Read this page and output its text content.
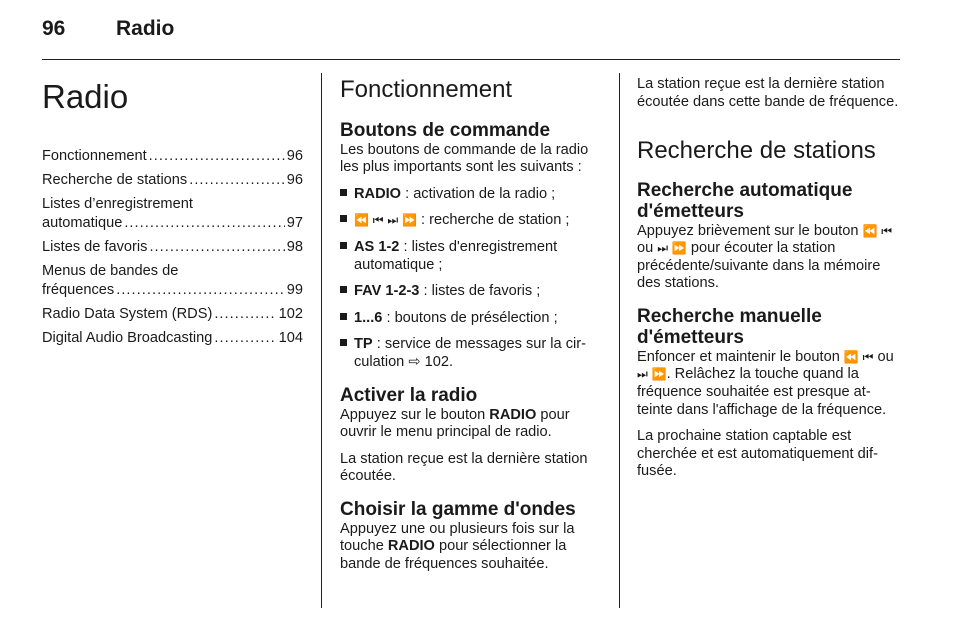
96 Radio
Radio
Fonctionnement . . .	96
Recherche de stations . . .	96
Listes d’enregistrement
automatique . . .	97
Listes de favoris . . .	98
Menus de bandes de
fréquences . . .	99
Radio Data System (RDS) . . .	102
Digital Audio Broadcasting . . .	104
Fonctionnement
Boutons de commande

Les boutons de commande de la radio les plus importants sont les suivants :

RADIO : activation de la radio ;
⏪ ⏮ ⏭ ⏩ : recherche de station ;
AS 1-2 : listes d'enregistrement automatique ;
FAV 1-2-3 : listes de favoris ;
1...6 : boutons de présélection ;
TP : service de messages sur la circulation ⇨ 102.
Activer la radio

Appuyez sur le bouton RADIO pour ouvrir le menu principal de radio.

La station reçue est la dernière station écoutée.

Choisir la gamme d'ondes

Appuyez une ou plusieurs fois sur la touche RADIO pour sélectionner la bande de fréquences souhaitée.

La station reçue est la dernière station écoutée dans cette bande de fréquence.

Recherche de stations
Recherche automatique d'émetteurs

Appuyez brièvement sur le bouton ⏪ ⏮ ou ⏭ ⏩ pour écouter la station précédente/suivante dans la mémoire des stations.

Recherche manuelle d'émetteurs

Enfoncer et maintenir le bouton ⏪ ⏮ ou ⏭ ⏩. Relâchez la touche quand la fréquence souhaitée est presque atteinte dans l'affichage de la fréquence.

La prochaine station captable est cherchée et est automatiquement diffusée.
